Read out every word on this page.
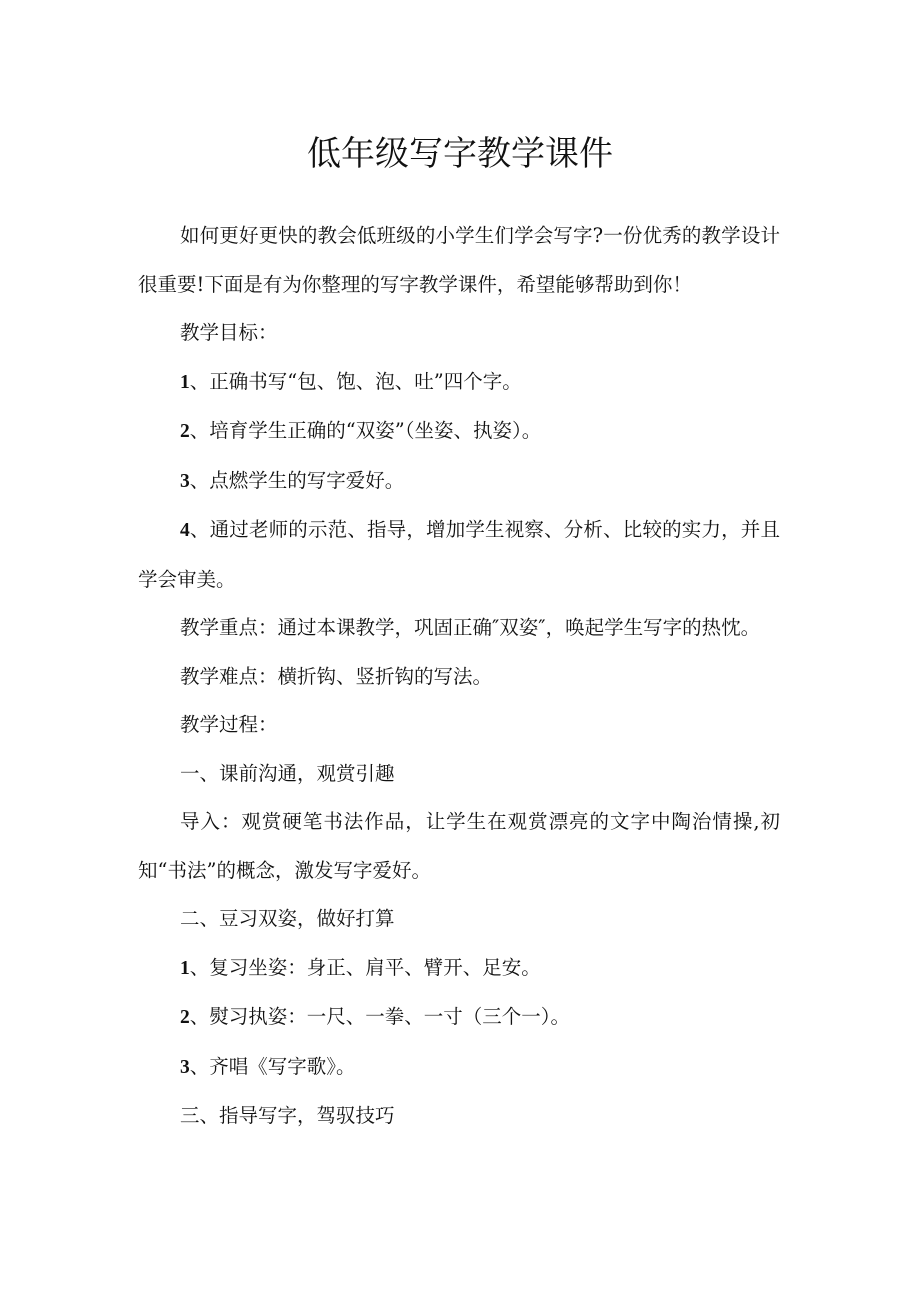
低年级写字教学课件

如何更好更快的教会低班级的小学生们学会写字?一份优秀的教学设计很重要!下面是有为你整理的写字教学课件，希望能够帮助到你！

教学目标：

1、正确书写“包、饱、泡、吐”四个字。

2、培育学生正确的“双姿”（坐姿、执姿）。

3、点燃学生的写字爱好。

4、通过老师的示范、指导，增加学生视察、分析、比较的实力，并且学会审美。

教学重点：通过本课教学，巩固正确″双姿″，唤起学生写字的热忱。

教学难点：横折钩、竖折钩的写法。

教学过程：

一、课前沟通，观赏引趣

导入：观赏硬笔书法作品，让学生在观赏漂亮的文字中陶治情操,初知“书法”的概念，激发写字爱好。

二、豆习双姿，做好打算

1、复习坐姿：身正、肩平、臂开、足安。

2、熨习执姿：一尺、一拳、一寸（三个一）。

3、齐唱《写字歌》。

三、指导写字，驾驭技巧
